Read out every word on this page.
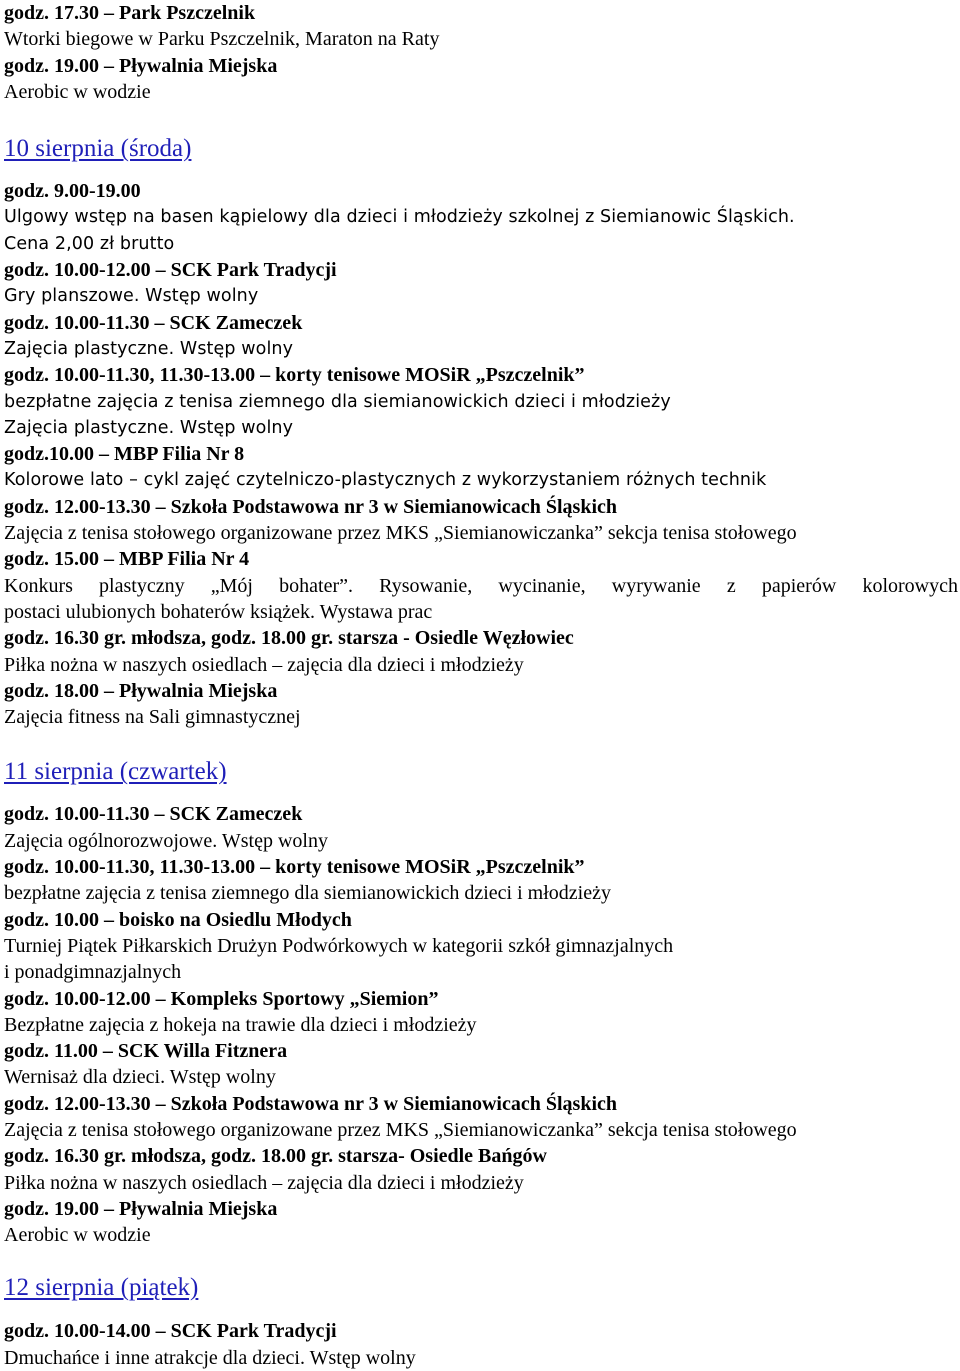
godz. 17.30 – Park Pszczelnik
Wtorki biegowe w Parku Pszczelnik, Maraton na Raty
godz. 19.00 – Pływalnia Miejska
Aerobic w wodzie
10 sierpnia (środa)
godz. 9.00-19.00
Ulgowy wstęp na basen kąpielowy dla dzieci i młodzieży szkolnej z Siemianowic Śląskich.
Cena 2,00 zł brutto
godz. 10.00-12.00 – SCK Park Tradycji
Gry planszowe. Wstęp wolny
godz. 10.00-11.30 – SCK Zameczek
Zajęcia plastyczne. Wstęp wolny
godz. 10.00-11.30, 11.30-13.00 – korty tenisowe MOSiR „Pszczelnik”
bezpłatne zajęcia z tenisa ziemnego dla siemianowickich dzieci i młodzieży
Zajęcia plastyczne. Wstęp wolny
godz.10.00 – MBP Filia Nr 8
Kolorowe lato – cykl zajęć czytelniczo-plastycznych z wykorzystaniem różnych technik
godz. 12.00-13.30 – Szkoła Podstawowa nr 3 w Siemianowicach Śląskich
Zajęcia z tenisa stołowego organizowane przez MKS „Siemianowiczanka” sekcja tenisa stołowego
godz. 15.00 – MBP Filia Nr 4
Konkurs plastyczny „Mój bohater”. Rysowanie, wycinanie, wyrywanie z papierów kolorowych
postaci ulubionych bohaterów książek. Wystawa prac
godz. 16.30 gr. młodsza, godz. 18.00 gr. starsza - Osiedle Węzłowiec
Piłka nożna w naszych osiedlach – zajęcia dla dzieci i młodzieży
godz. 18.00 – Pływalnia Miejska
Zajęcia fitness na Sali gimnastycznej
11 sierpnia (czwartek)
godz. 10.00-11.30 – SCK Zameczek
Zajęcia ogólnorozwojowe. Wstęp wolny
godz. 10.00-11.30, 11.30-13.00 – korty tenisowe MOSiR „Pszczelnik”
bezpłatne zajęcia z tenisa ziemnego dla siemianowickich dzieci i młodzieży
godz. 10.00 – boisko na Osiedlu Młodych
Turniej Piątek Piłkarskich Drużyn Podwórkowych w kategorii szkół gimnazjalnych
i ponadgimnazjalnych
godz. 10.00-12.00 – Kompleks Sportowy „Siemion”
Bezpłatne zajęcia z hokeja na trawie dla dzieci i młodzieży
godz. 11.00 – SCK Willa Fitznera
Wernisaż dla dzieci. Wstęp wolny
godz. 12.00-13.30 – Szkoła Podstawowa nr 3 w Siemianowicach Śląskich
Zajęcia z tenisa stołowego organizowane przez MKS „Siemianowiczanka” sekcja tenisa stołowego
godz. 16.30 gr. młodsza, godz. 18.00 gr. starsza- Osiedle Bańgów
Piłka nożna w naszych osiedlach – zajęcia dla dzieci i młodzieży
godz. 19.00 – Pływalnia Miejska
Aerobic w wodzie
12 sierpnia (piątek)
godz. 10.00-14.00 – SCK Park Tradycji
Dmuchańce i inne atrakcje dla dzieci. Wstęp wolny
